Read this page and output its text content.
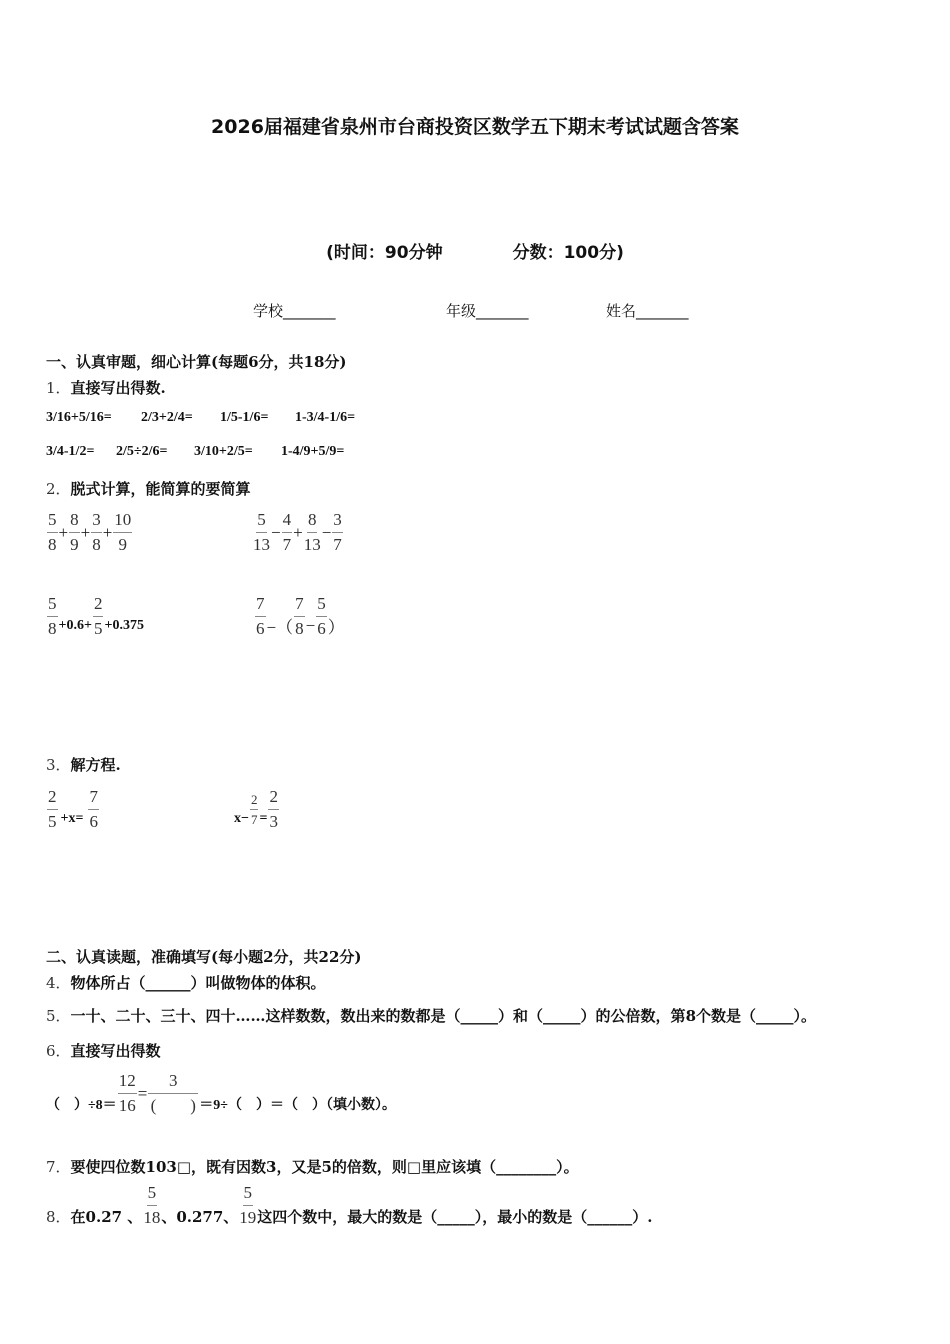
2026届福建省泉州市台商投资区数学五下期末考试试题含答案
(时间：90分钟	分数：100分)
学校_______	年级_______	姓名_______
一、认真审题，细心计算(每题6分，共18分)
1．直接写出得数.
3/16+5/16= 2/3+2/4= 1/5-1/6= 1-3/4-1/6=
3/4-1/2= 2/5÷2/6= 3/10+2/5= 1-4/9+5/9=
2．脱式计算，能简算的要简算
$\frac{5}{8} + \frac{8}{9} + \frac{3}{8} + \frac{10}{9}$	$\frac{5}{13} - \frac{4}{7} + \frac{8}{13} - \frac{3}{7}$
$\frac{5}{8} +0.6+ \frac{2}{5} +0.375$	$\frac{7}{6}$ −（ $\frac{7}{8} - \frac{5}{6}$ ）
3．解方程.
$\frac{2}{5} +x= \frac{7}{6}$	$x- \frac{2}{7} = \frac{2}{3}$
二、认真读题，准确填写(每小题2分，共22分)
4．物体所占（______）叫做物体的体积。
5．一十、二十、三十、四十……这样数数，数出来的数都是（_____）和（_____）的公倍数，第8个数是（_____）。
6．直接写出得数
（　）$\div 8= \frac{12}{16} = \frac{3}{( )} =9\div$（　）＝（　）（填小数）。
7．要使四位数103□，既有因数3，又是5的倍数，则□里应该填（________）。
8． 在0.27 、 $\frac{5}{18}$ 、0.277、 $\frac{5}{19}$ 这四个数中，最大的数是（_____），最小的数是（______）.
